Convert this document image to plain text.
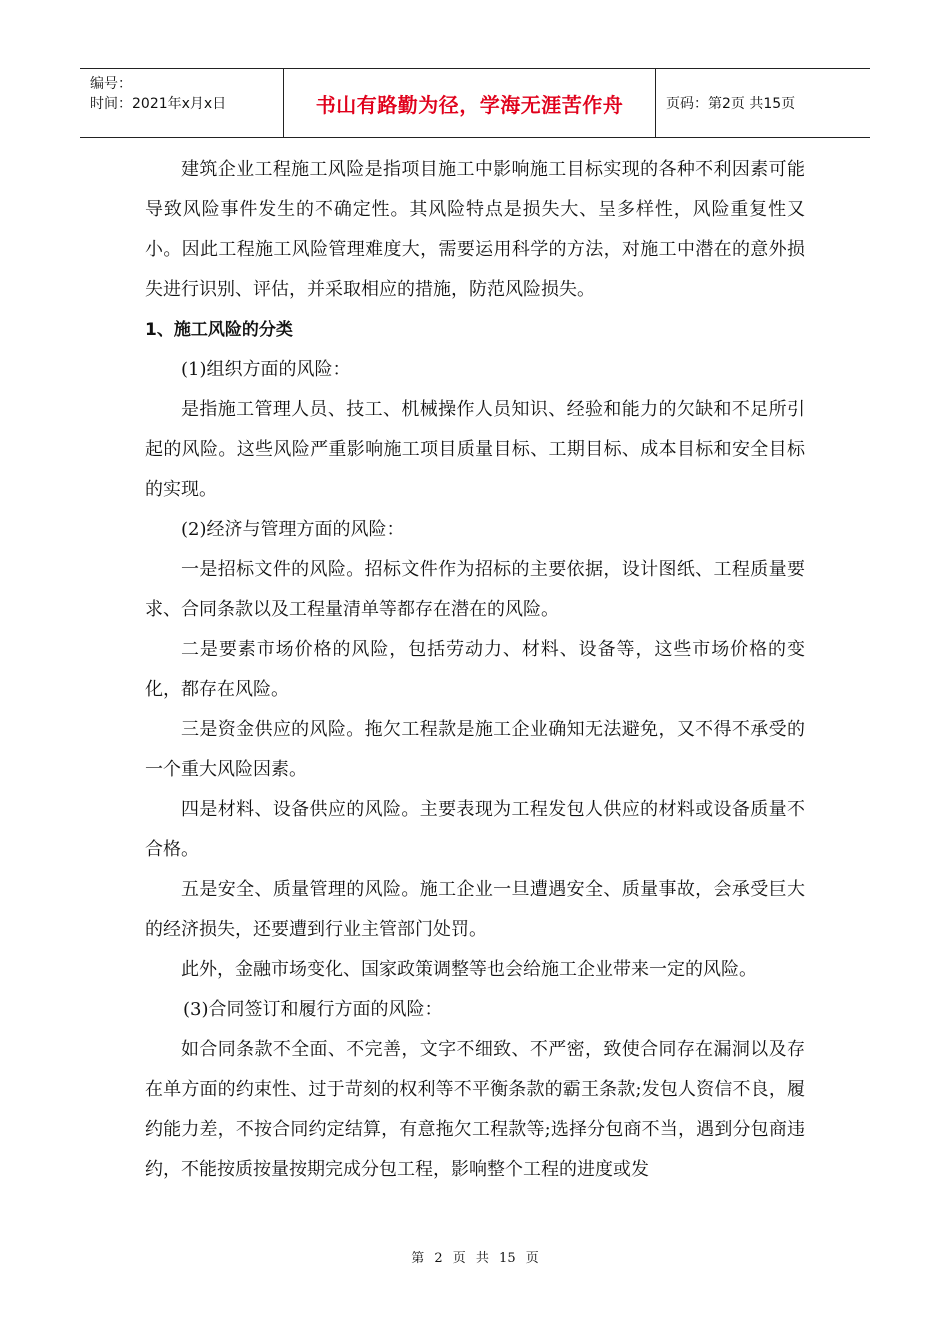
编号：
时间：2021年x月x日	书山有路勤为径，学海无涯苦作舟	页码：第2页 共15页

建筑企业工程施工风险是指项目施工中影响施工目标实现的各种不利因素可能导致风险事件发生的不确定性。其风险特点是损失大、呈多样性，风险重复性又小。因此工程施工风险管理难度大，需要运用科学的方法，对施工中潜在的意外损失进行识别、评估，并采取相应的措施，防范风险损失。

1、施工风险的分类

(1)组织方面的风险：

是指施工管理人员、技工、机械操作人员知识、经验和能力的欠缺和不足所引起的风险。这些风险严重影响施工项目质量目标、工期目标、成本目标和安全目标的实现。

(2)经济与管理方面的风险：

一是招标文件的风险。招标文件作为招标的主要依据，设计图纸、工程质量要求、合同条款以及工程量清单等都存在潜在的风险。

二是要素市场价格的风险，包括劳动力、材料、设备等，这些市场价格的变化，都存在风险。

三是资金供应的风险。拖欠工程款是施工企业确知无法避免，又不得不承受的一个重大风险因素。

四是材料、设备供应的风险。主要表现为工程发包人供应的材料或设备质量不合格。

五是安全、质量管理的风险。施工企业一旦遭遇安全、质量事故，会承受巨大的经济损失，还要遭到行业主管部门处罚。

此外，金融市场变化、国家政策调整等也会给施工企业带来一定的风险。

(3)合同签订和履行方面的风险：

如合同条款不全面、不完善，文字不细致、不严密，致使合同存在漏洞以及存在单方面的约束性、过于苛刻的权利等不平衡条款的霸王条款;发包人资信不良，履约能力差，不按合同约定结算，有意拖欠工程款等;选择分包商不当，遇到分包商违约，不能按质按量按期完成分包工程，影响整个工程的进度或发

第 2 页 共 15 页
